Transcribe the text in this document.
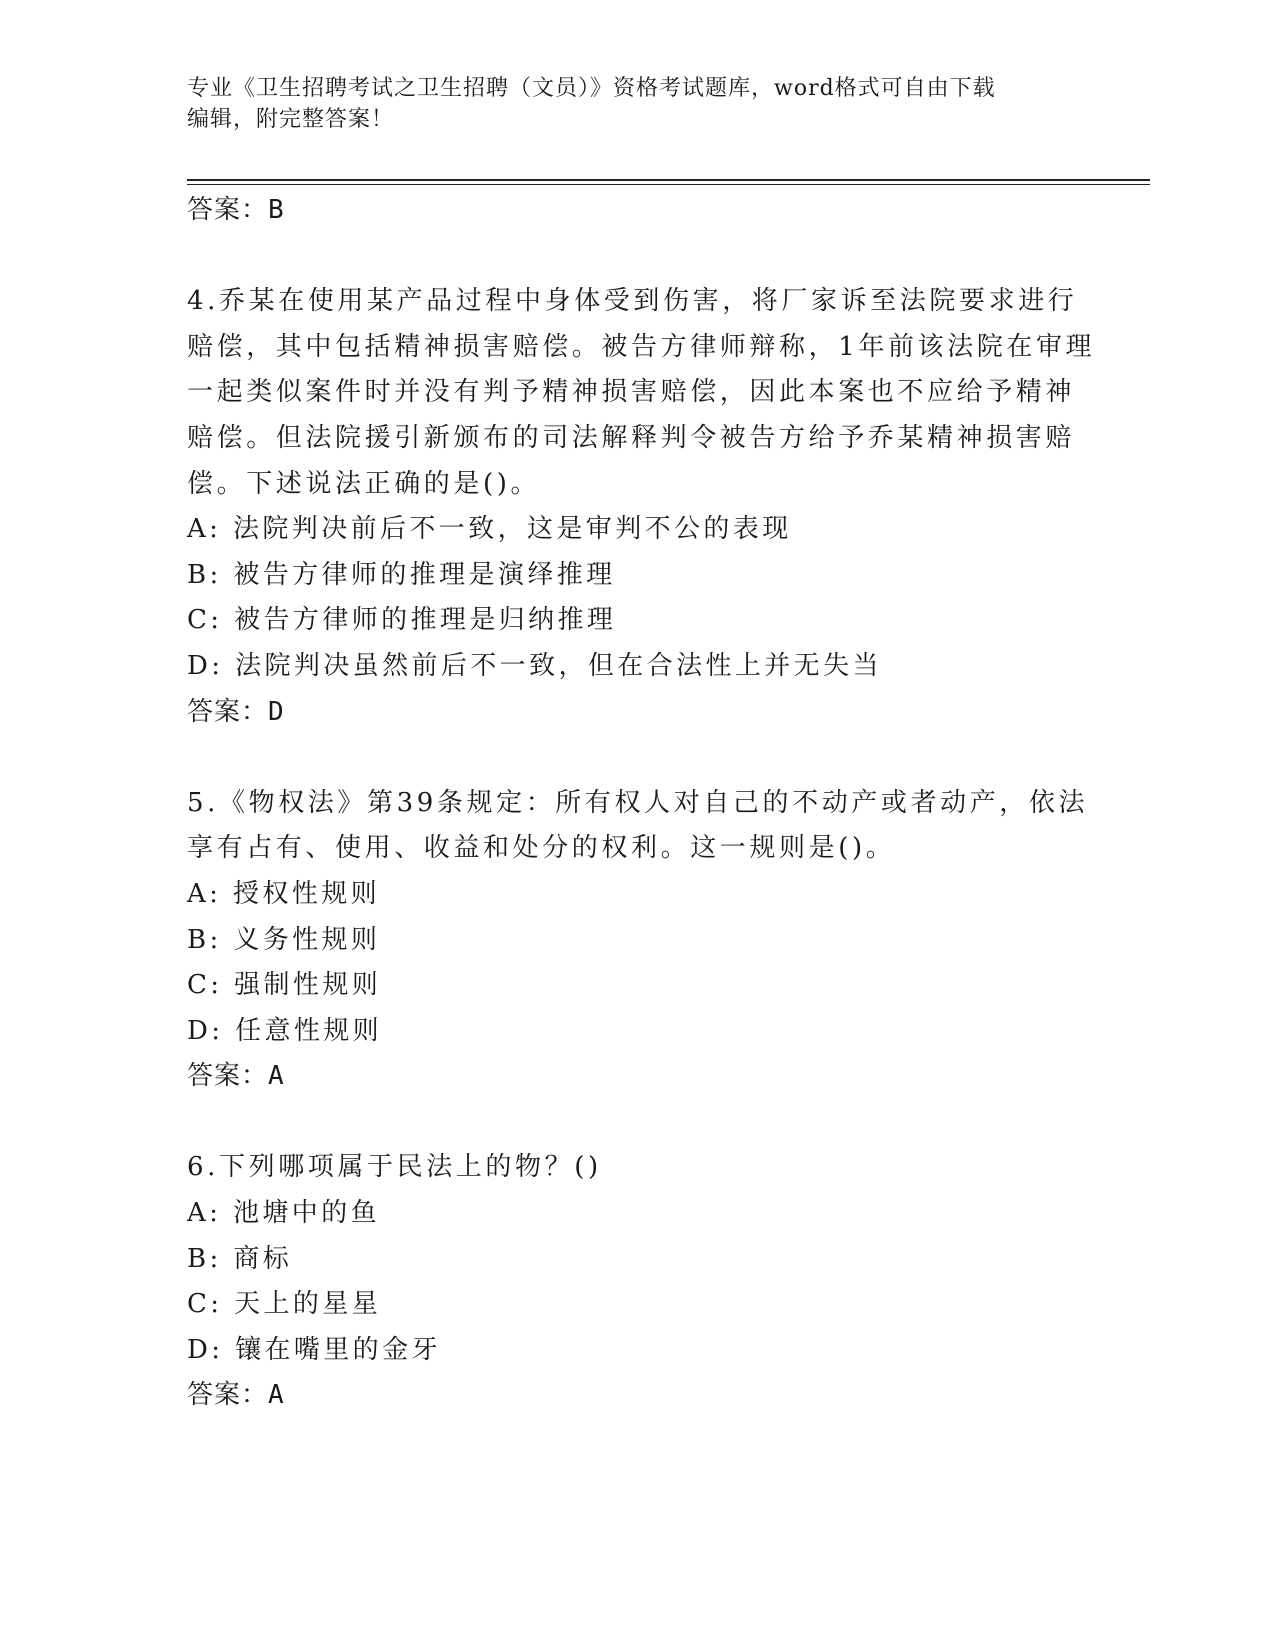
专业《卫生招聘考试之卫生招聘（文员）》资格考试题库，word格式可自由下载
编辑，附完整答案！
答案：B
4.乔某在使用某产品过程中身体受到伤害，将厂家诉至法院要求进行
赔偿，其中包括精神损害赔偿。被告方律师辩称，1年前该法院在审理
一起类似案件时并没有判予精神损害赔偿，因此本案也不应给予精神
赔偿。但法院援引新颁布的司法解释判令被告方给予乔某精神损害赔
偿。下述说法正确的是()。
A: 法院判决前后不一致，这是审判不公的表现
B: 被告方律师的推理是演绎推理
C: 被告方律师的推理是归纳推理
D: 法院判决虽然前后不一致，但在合法性上并无失当
答案：D
5.《物权法》第39条规定：所有权人对自己的不动产或者动产，依法
享有占有、使用、收益和处分的权利。这一规则是()。
A: 授权性规则
B: 义务性规则
C: 强制性规则
D: 任意性规则
答案：A
6.下列哪项属于民法上的物？()
A: 池塘中的鱼
B: 商标
C: 天上的星星
D: 镶在嘴里的金牙
答案：A
